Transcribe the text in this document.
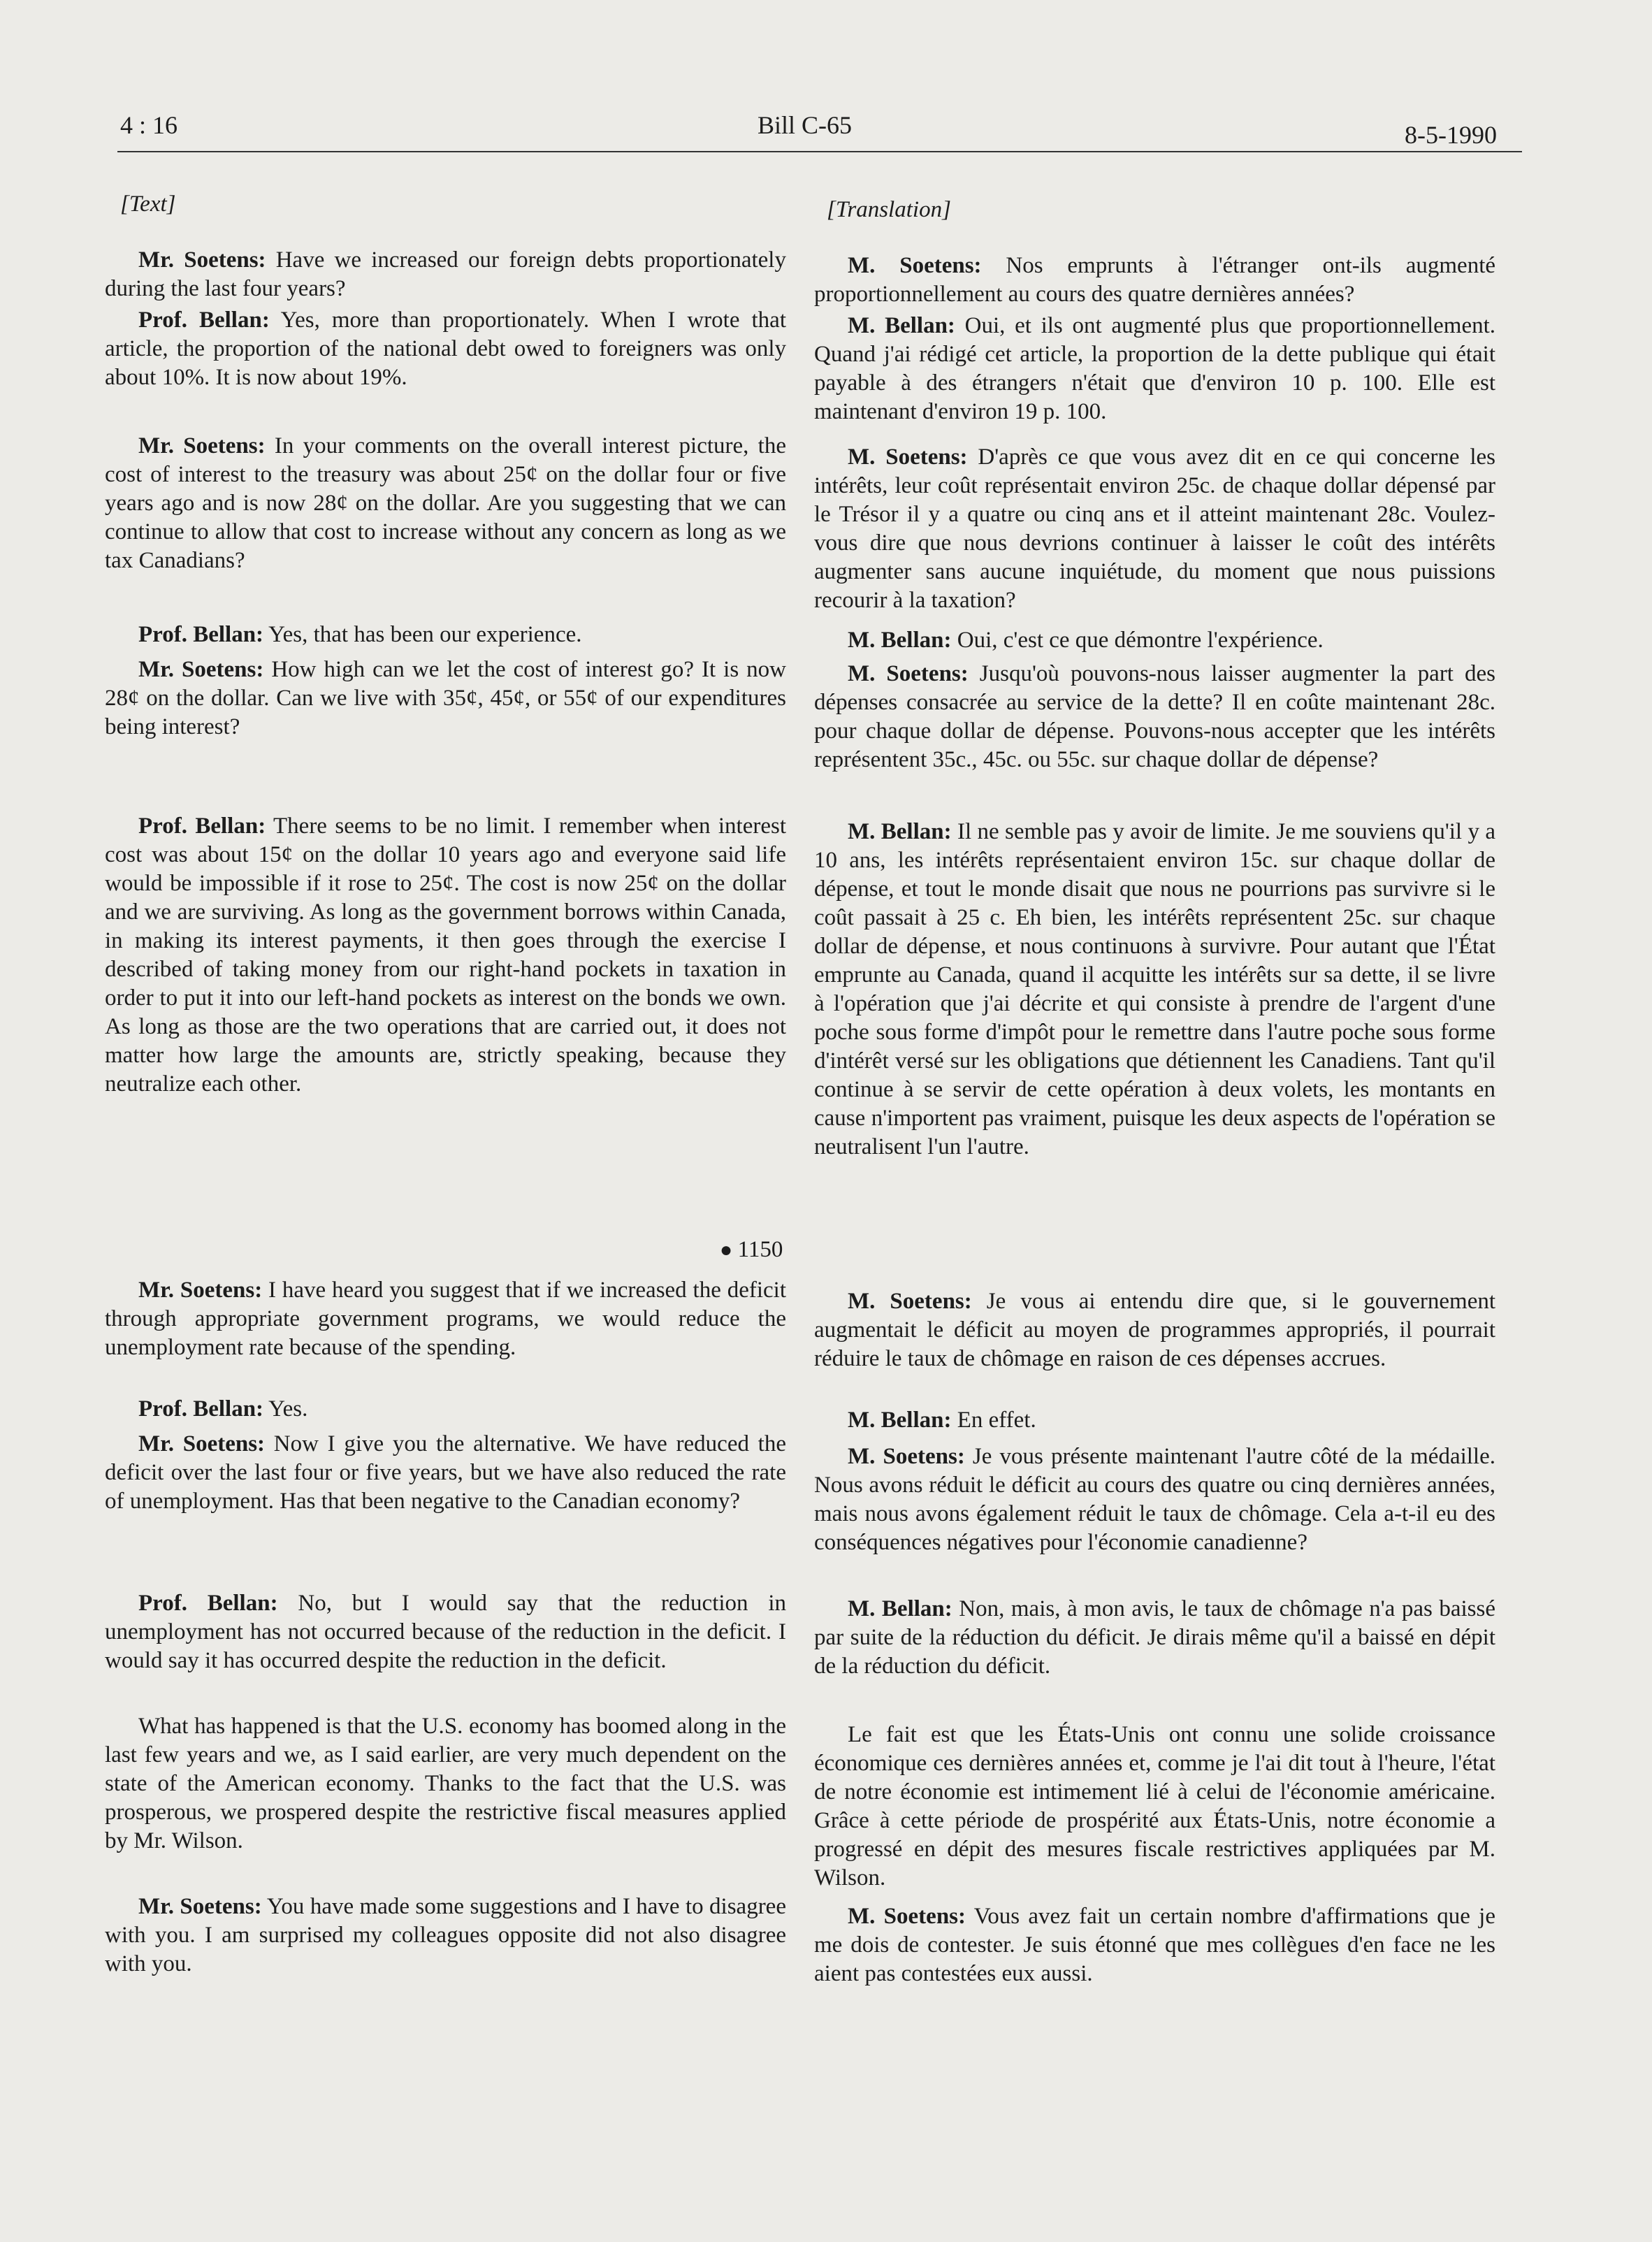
4 : 16	Bill C-65	8-5-1990
[Text]

Mr. Soetens: Have we increased our foreign debts proportionately during the last four years?

Prof. Bellan: Yes, more than proportionately. When I wrote that article, the proportion of the national debt owed to foreigners was only about 10%. It is now about 19%.

Mr. Soetens: In your comments on the overall interest picture, the cost of interest to the treasury was about 25¢ on the dollar four or five years ago and is now 28¢ on the dollar. Are you suggesting that we can continue to allow that cost to increase without any concern as long as we tax Canadians?

Prof. Bellan: Yes, that has been our experience.

Mr. Soetens: How high can we let the cost of interest go? It is now 28¢ on the dollar. Can we live with 35¢, 45¢, or 55¢ of our expenditures being interest?

Prof. Bellan: There seems to be no limit. I remember when interest cost was about 15¢ on the dollar 10 years ago and everyone said life would be impossible if it rose to 25¢. The cost is now 25¢ on the dollar and we are surviving. As long as the government borrows within Canada, in making its interest payments, it then goes through the exercise I described of taking money from our right-hand pockets in taxation in order to put it into our left-hand pockets as interest on the bonds we own. As long as those are the two operations that are carried out, it does not matter how large the amounts are, strictly speaking, because they neutralize each other.

● 1150

Mr. Soetens: I have heard you suggest that if we increased the deficit through appropriate government programs, we would reduce the unemployment rate because of the spending.

Prof. Bellan: Yes.

Mr. Soetens: Now I give you the alternative. We have reduced the deficit over the last four or five years, but we have also reduced the rate of unemployment. Has that been negative to the Canadian economy?

Prof. Bellan: No, but I would say that the reduction in unemployment has not occurred because of the reduction in the deficit. I would say it has occurred despite the reduction in the deficit.

What has happened is that the U.S. economy has boomed along in the last few years and we, as I said earlier, are very much dependent on the state of the American economy. Thanks to the fact that the U.S. was prosperous, we prospered despite the restrictive fiscal measures applied by Mr. Wilson.

Mr. Soetens: You have made some suggestions and I have to disagree with you. I am surprised my colleagues opposite did not also disagree with you.

[Translation]

M. Soetens: Nos emprunts à l'étranger ont-ils augmenté proportionnellement au cours des quatre dernières années?

M. Bellan: Oui, et ils ont augmenté plus que proportionnellement. Quand j'ai rédigé cet article, la proportion de la dette publique qui était payable à des étrangers n'était que d'environ 10 p. 100. Elle est maintenant d'environ 19 p. 100.

M. Soetens: D'après ce que vous avez dit en ce qui concerne les intérêts, leur coût représentait environ 25c. de chaque dollar dépensé par le Trésor il y a quatre ou cinq ans et il atteint maintenant 28c. Voulez-vous dire que nous devrions continuer à laisser le coût des intérêts augmenter sans aucune inquiétude, du moment que nous puissions recourir à la taxation?

M. Bellan: Oui, c'est ce que démontre l'expérience.

M. Soetens: Jusqu'où pouvons-nous laisser augmenter la part des dépenses consacrée au service de la dette? Il en coûte maintenant 28c. pour chaque dollar de dépense. Pouvons-nous accepter que les intérêts représentent 35c., 45c. ou 55c. sur chaque dollar de dépense?

M. Bellan: Il ne semble pas y avoir de limite. Je me souviens qu'il y a 10 ans, les intérêts représentaient environ 15c. sur chaque dollar de dépense, et tout le monde disait que nous ne pourrions pas survivre si le coût passait à 25 c. Eh bien, les intérêts représentent 25c. sur chaque dollar de dépense, et nous continuons à survivre. Pour autant que l'État emprunte au Canada, quand il acquitte les intérêts sur sa dette, il se livre à l'opération que j'ai décrite et qui consiste à prendre de l'argent d'une poche sous forme d'impôt pour le remettre dans l'autre poche sous forme d'intérêt versé sur les obligations que détiennent les Canadiens. Tant qu'il continue à se servir de cette opération à deux volets, les montants en cause n'importent pas vraiment, puisque les deux aspects de l'opération se neutralisent l'un l'autre.

M. Soetens: Je vous ai entendu dire que, si le gouvernement augmentait le déficit au moyen de programmes appropriés, il pourrait réduire le taux de chômage en raison de ces dépenses accrues.

M. Bellan: En effet.

M. Soetens: Je vous présente maintenant l'autre côté de la médaille. Nous avons réduit le déficit au cours des quatre ou cinq dernières années, mais nous avons également réduit le taux de chômage. Cela a-t-il eu des conséquences négatives pour l'économie canadienne?

M. Bellan: Non, mais, à mon avis, le taux de chômage n'a pas baissé par suite de la réduction du déficit. Je dirais même qu'il a baissé en dépit de la réduction du déficit.

Le fait est que les États-Unis ont connu une solide croissance économique ces dernières années et, comme je l'ai dit tout à l'heure, l'état de notre économie est intimement lié à celui de l'économie américaine. Grâce à cette période de prospérité aux États-Unis, notre économie a progressé en dépit des mesures fiscale restrictives appliquées par M. Wilson.

M. Soetens: Vous avez fait un certain nombre d'affirmations que je me dois de contester. Je suis étonné que mes collègues d'en face ne les aient pas contestées eux aussi.
